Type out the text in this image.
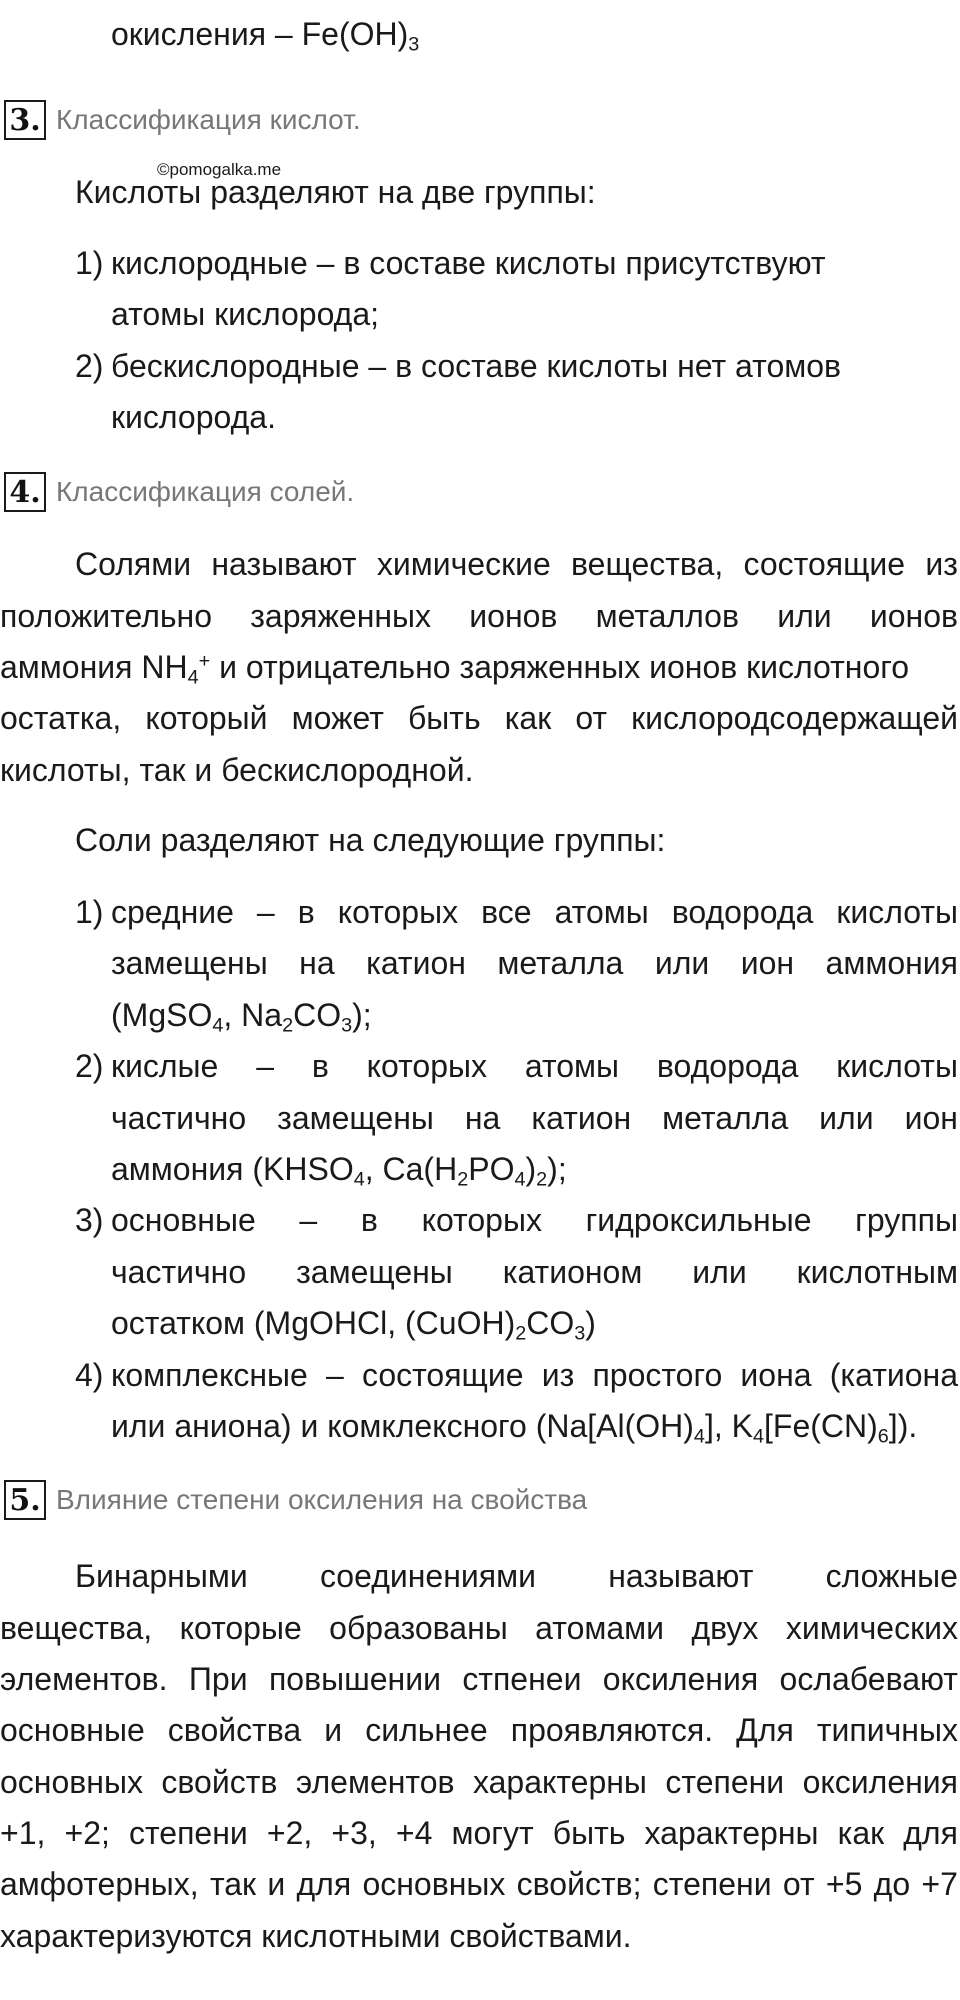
окисления – $Fe(OH)_3$
3. Классификация кислот.
©pomogalka.me
Кислоты разделяют на две группы:
1) кислородные – в составе кислоты присутствуют
атомы кислорода;
2) бескислородные – в составе кислоты нет атомов
кислорода.
4. Классификация солей.
Солями называют химические вещества, состоящие из
положительно заряженных ионов металлов или ионов
аммония $NH_4^+$ и отрицательно заряженных ионов кислотного
остатка, который может быть как от кислородсодержащей
кислоты, так и бескислородной.
Соли разделяют на следующие группы:
1) средние – в которых все атомы водорода кислоты
замещены на катион металла или ион аммония
(MgSO$_4$, $Na_2CO_3$);
2) кислые – в которых атомы водорода кислоты
частично замещены на катион металла или ион
аммония ($KHSO_4$, $Ca(H_2PO_4)_2$);
3) основные – в которых гидроксильные группы
частично замещены катионом или кислотным
остатком (MgOHCl, $(CuOH)_2CO_3$)
4) комплексные – состоящие из простого иона (катиона
или аниона) и комклексного ($Na[Al(OH)_4]$, $K_4[Fe(CN)_6]$).
5. Влияние степени оксиления на свойства
Бинарными соединениями называют сложные
вещества, которые образованы атомами двух химических
элементов. При повышении стпенеи оксиления ослабевают
основные свойства и сильнее проявляются. Для типичных
основных свойств элементов характерны степени оксиления
+1, +2; степени +2, +3, +4 могут быть характерны как для
амфотерных, так и для основных свойств; степени от +5 до +7
характеризуются кислотными свойствами.
